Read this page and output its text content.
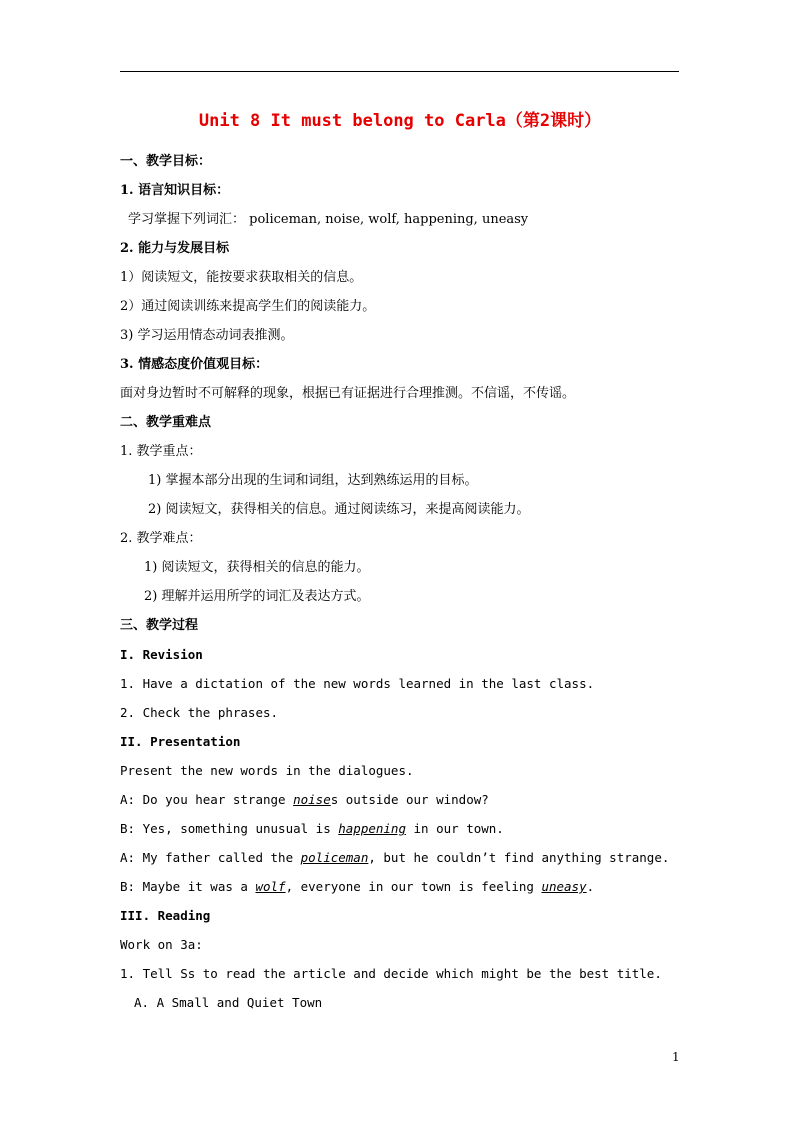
Unit 8 It must belong to Carla（第2课时）
一、教学目标：
1. 语言知识目标：
学习掌握下列词汇： policeman, noise, wolf, happening, uneasy
2. 能力与发展目标
1）阅读短文，能按要求获取相关的信息。
2）通过阅读训练来提高学生们的阅读能力。
3) 学习运用情态动词表推测。
3. 情感态度价值观目标：
面对身边暂时不可解释的现象，根据已有证据进行合理推测。不信谣，不传谣。
二、教学重难点
1. 教学重点：
1) 掌握本部分出现的生词和词组，达到熟练运用的目标。
2) 阅读短文，获得相关的信息。通过阅读练习，来提高阅读能力。
2. 教学难点：
1) 阅读短文，获得相关的信息的能力。
2) 理解并运用所学的词汇及表达方式。
三、教学过程
I. Revision
1. Have a dictation of the new words learned in the last class.
2. Check the phrases.
II. Presentation
Present the new words in the dialogues.
A: Do you hear strange noises outside our window?
B: Yes, something unusual is happening in our town.
A: My father called the policeman, but he couldn’t find anything strange.
B: Maybe it was a wolf, everyone in our town is feeling uneasy.
III. Reading
Work on 3a:
1. Tell Ss to read the article and decide which might be the best title.
A. A Small and Quiet Town
1
